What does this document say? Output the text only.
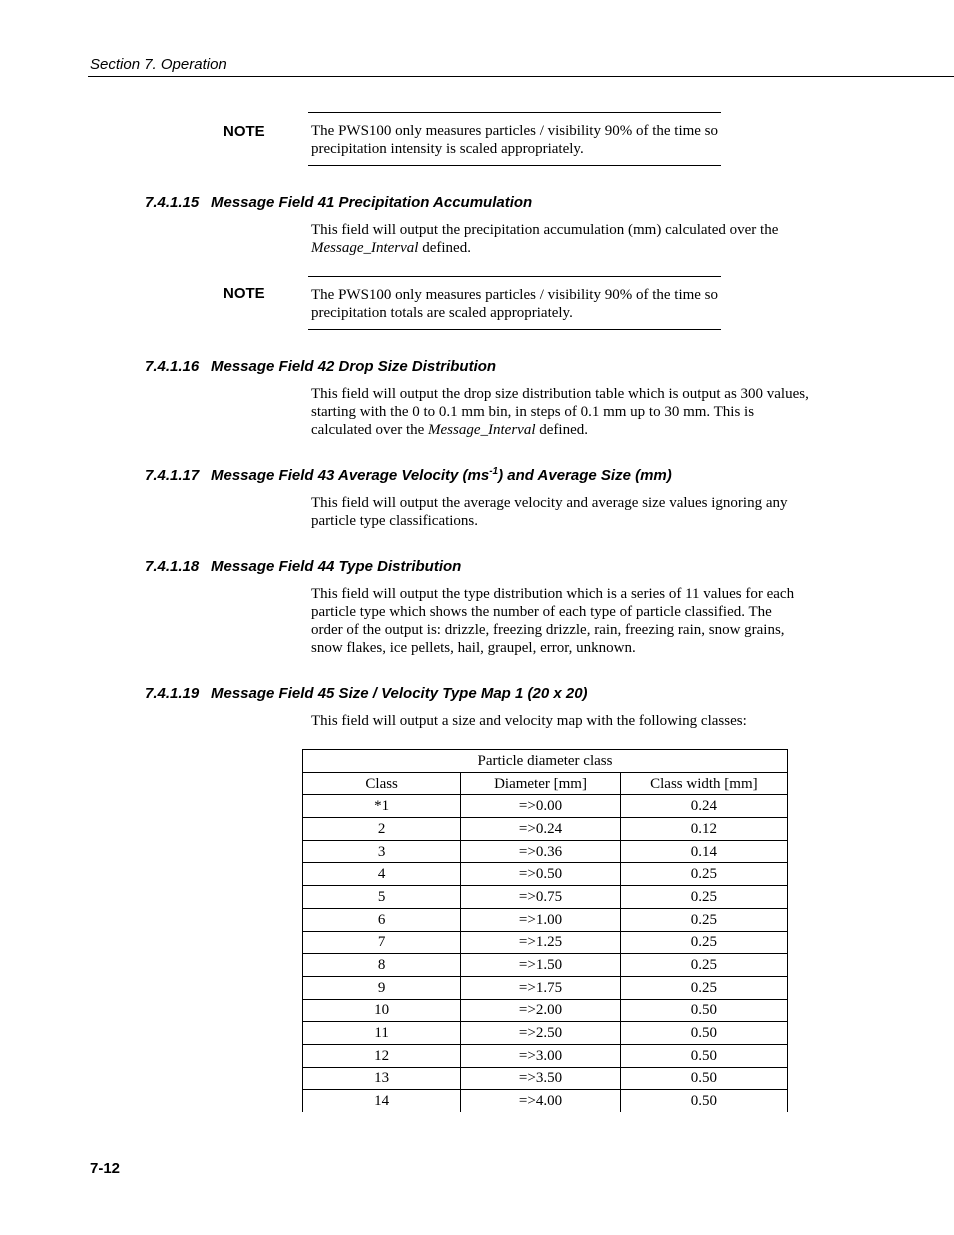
Section 7. Operation
NOTE	The PWS100 only measures particles / visibility 90% of the time so precipitation intensity is scaled appropriately.
7.4.1.15 Message Field 41 Precipitation Accumulation

This field will output the precipitation accumulation (mm) calculated over the Message_Interval defined.

NOTE	The PWS100 only measures particles / visibility 90% of the time so precipitation totals are scaled appropriately.
7.4.1.16 Message Field 42 Drop Size Distribution

This field will output the drop size distribution table which is output as 300 values, starting with the 0 to 0.1 mm bin, in steps of 0.1 mm up to 30 mm. This is calculated over the Message_Interval defined.

7.4.1.17 Message Field 43 Average Velocity $(ms^{-1})$ and Average Size (mm)

This field will output the average velocity and average size values ignoring any particle type classifications.

7.4.1.18 Message Field 44 Type Distribution

This field will output the type distribution which is a series of 11 values for each particle type which shows the number of each type of particle classified. The order of the output is: drizzle, freezing drizzle, rain, freezing rain, snow grains, snow flakes, ice pellets, hail, graupel, error, unknown.

7.4.1.19 Message Field 45 Size / Velocity Type Map 1 (20 x 20)

This field will output a size and velocity map with the following classes:

Particle diameter class		
Class	Diameter [mm]	Class width [mm]
*1	=>0.00	0.24
2	=>0.24	0.12
3	=>0.36	0.14
4	=>0.50	0.25
5	=>0.75	0.25
6	=>1.00	0.25
7	=>1.25	0.25
8	=>1.50	0.25
9	=>1.75	0.25
10	=>2.00	0.50
11	=>2.50	0.50
12	=>3.00	0.50
13	=>3.50	0.50
14	=>4.00	0.50
7-12
